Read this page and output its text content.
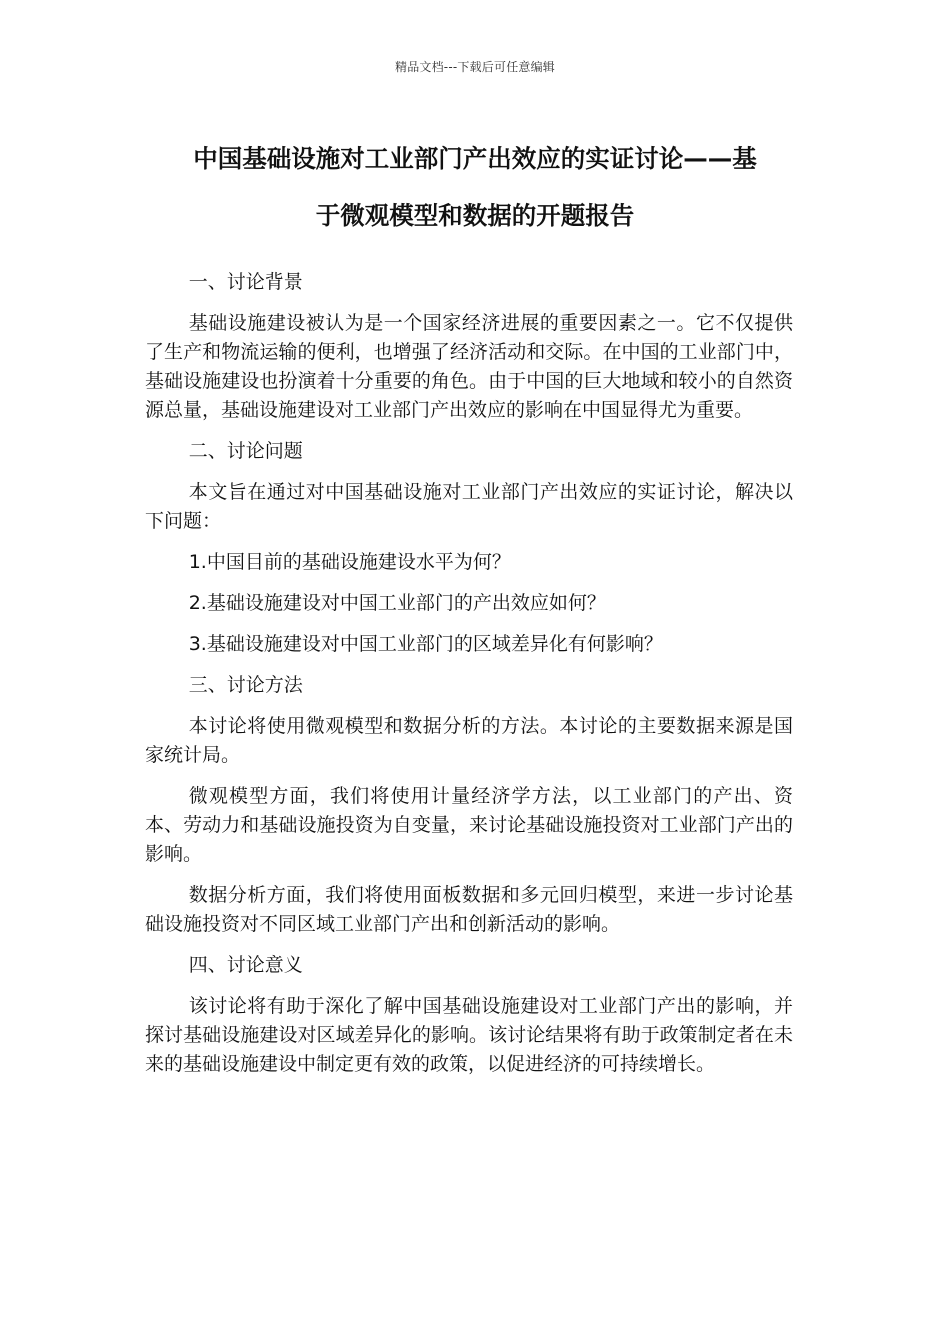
精品文档---下载后可任意编辑
中国基础设施对工业部门产出效应的实证讨论——基
于微观模型和数据的开题报告

一、讨论背景

基础设施建设被认为是一个国家经济进展的重要因素之一。它不仅提供了生产和物流运输的便利，也增强了经济活动和交际。在中国的工业部门中，基础设施建设也扮演着十分重要的角色。由于中国的巨大地域和较小的自然资源总量，基础设施建设对工业部门产出效应的影响在中国显得尤为重要。

二、讨论问题

本文旨在通过对中国基础设施对工业部门产出效应的实证讨论，解决以下问题：

1.中国目前的基础设施建设水平为何？

2.基础设施建设对中国工业部门的产出效应如何？

3.基础设施建设对中国工业部门的区域差异化有何影响？

三、讨论方法

本讨论将使用微观模型和数据分析的方法。本讨论的主要数据来源是国家统计局。

微观模型方面，我们将使用计量经济学方法，以工业部门的产出、资本、劳动力和基础设施投资为自变量，来讨论基础设施投资对工业部门产出的影响。

数据分析方面，我们将使用面板数据和多元回归模型，来进一步讨论基础设施投资对不同区域工业部门产出和创新活动的影响。

四、讨论意义

该讨论将有助于深化了解中国基础设施建设对工业部门产出的影响，并探讨基础设施建设对区域差异化的影响。该讨论结果将有助于政策制定者在未来的基础设施建设中制定更有效的政策，以促进经济的可持续增长。
